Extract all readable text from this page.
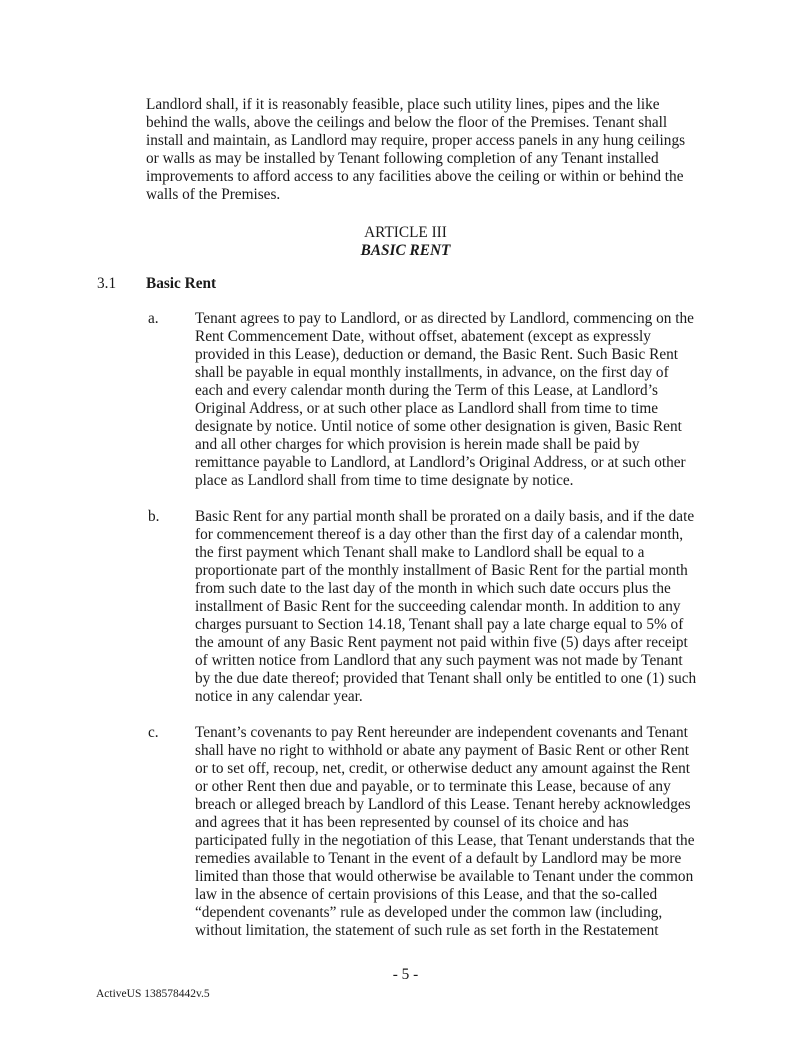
Landlord shall, if it is reasonably feasible, place such utility lines, pipes and the like
behind the walls, above the ceilings and below the floor of the Premises. Tenant shall
install and maintain, as Landlord may require, proper access panels in any hung ceilings
or walls as may be installed by Tenant following completion of any Tenant installed
improvements to afford access to any facilities above the ceiling or within or behind the
walls of the Premises.
ARTICLE III
BASIC RENT
3.1 Basic Rent
a. Tenant agrees to pay to Landlord, or as directed by Landlord, commencing on the
Rent Commencement Date, without offset, abatement (except as expressly
provided in this Lease), deduction or demand, the Basic Rent. Such Basic Rent
shall be payable in equal monthly installments, in advance, on the first day of
each and every calendar month during the Term of this Lease, at Landlord’s
Original Address, or at such other place as Landlord shall from time to time
designate by notice. Until notice of some other designation is given, Basic Rent
and all other charges for which provision is herein made shall be paid by
remittance payable to Landlord, at Landlord’s Original Address, or at such other
place as Landlord shall from time to time designate by notice.
b. Basic Rent for any partial month shall be prorated on a daily basis, and if the date
for commencement thereof is a day other than the first day of a calendar month,
the first payment which Tenant shall make to Landlord shall be equal to a
proportionate part of the monthly installment of Basic Rent for the partial month
from such date to the last day of the month in which such date occurs plus the
installment of Basic Rent for the succeeding calendar month. In addition to any
charges pursuant to Section 14.18, Tenant shall pay a late charge equal to 5% of
the amount of any Basic Rent payment not paid within five (5) days after receipt
of written notice from Landlord that any such payment was not made by Tenant
by the due date thereof; provided that Tenant shall only be entitled to one (1) such
notice in any calendar year.
c. Tenant’s covenants to pay Rent hereunder are independent covenants and Tenant
shall have no right to withhold or abate any payment of Basic Rent or other Rent
or to set off, recoup, net, credit, or otherwise deduct any amount against the Rent
or other Rent then due and payable, or to terminate this Lease, because of any
breach or alleged breach by Landlord of this Lease. Tenant hereby acknowledges
and agrees that it has been represented by counsel of its choice and has
participated fully in the negotiation of this Lease, that Tenant understands that the
remedies available to Tenant in the event of a default by Landlord may be more
limited than those that would otherwise be available to Tenant under the common
law in the absence of certain provisions of this Lease, and that the so-called
“dependent covenants” rule as developed under the common law (including,
without limitation, the statement of such rule as set forth in the Restatement
- 5 -
ActiveUS 138578442v.5
